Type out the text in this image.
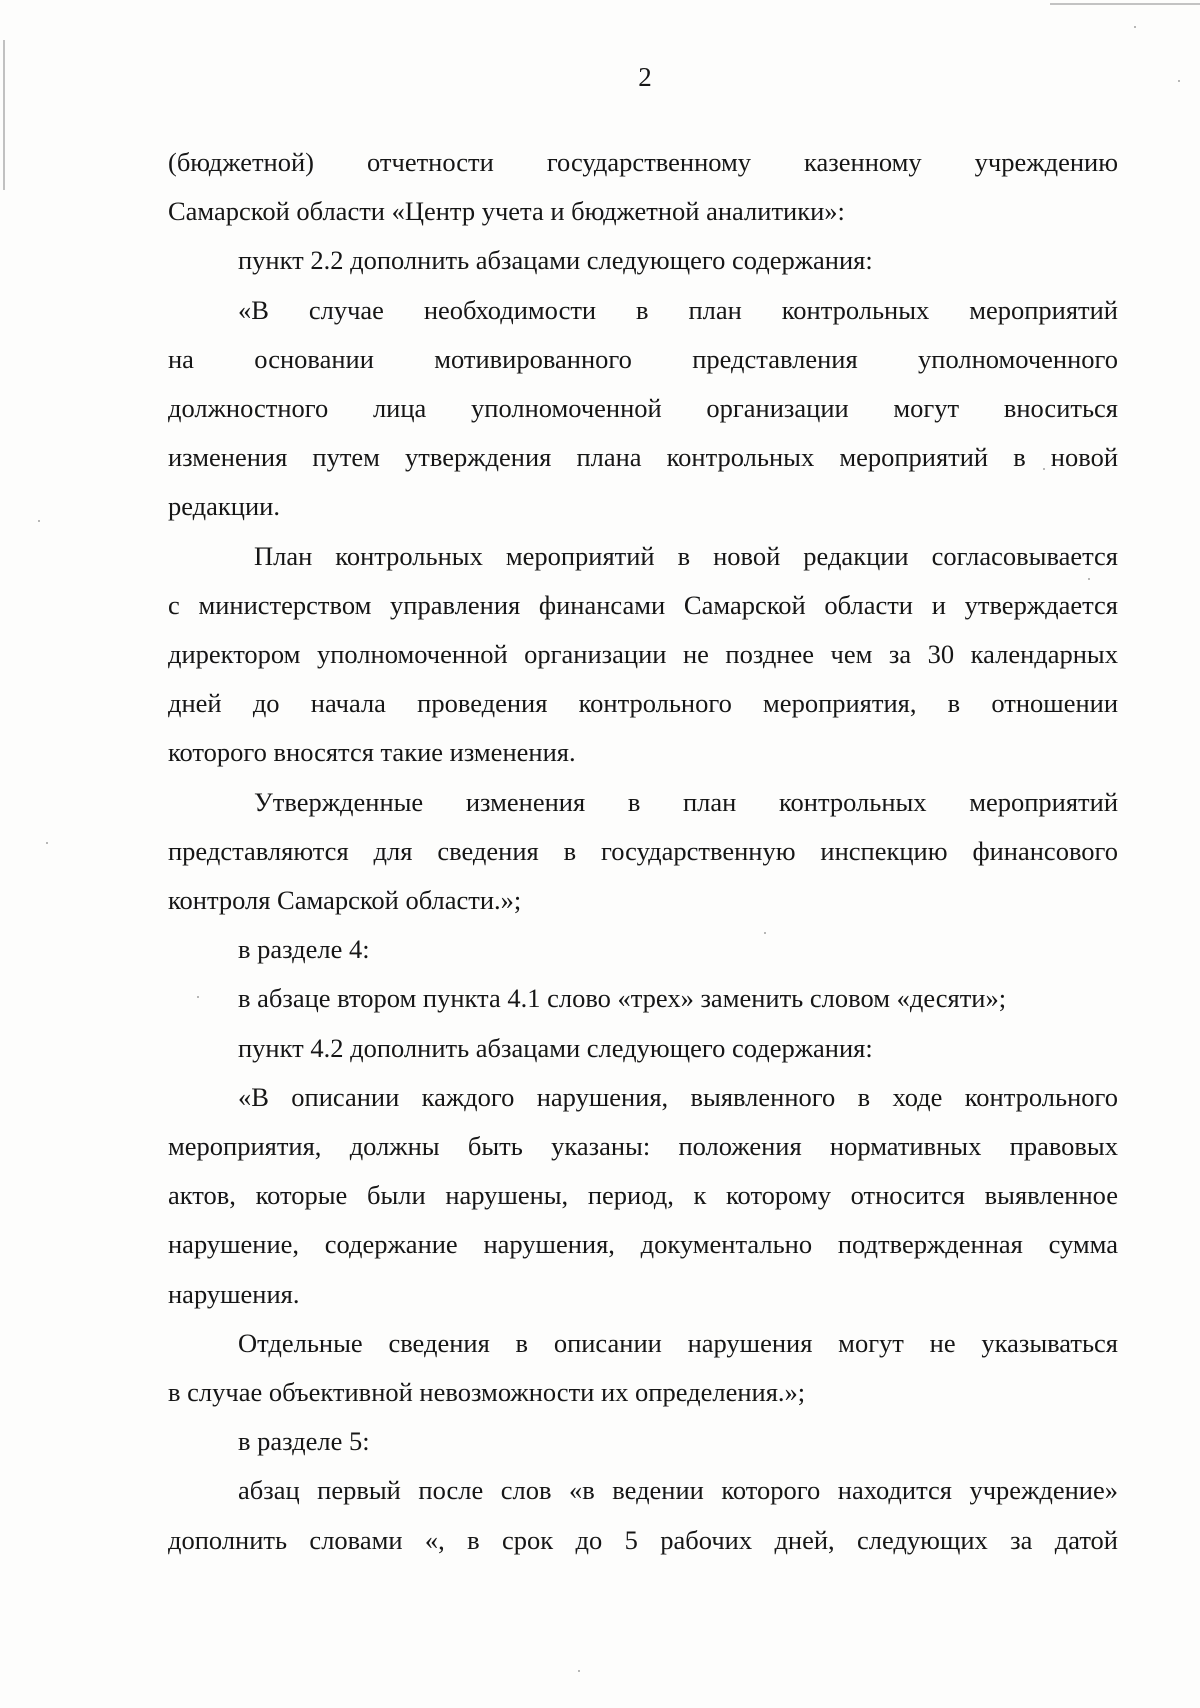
2

(бюджетной) отчетности государственному казенному учреждению

Самарской области «Центр учета и бюджетной аналитики»:

пункт 2.2 дополнить абзацами следующего содержания:

«В случае необходимости в план контрольных мероприятий

на основании мотивированного представления уполномоченного

должностного лица уполномоченной организации могут вноситься

изменения путем утверждения плана контрольных мероприятий в новой

редакции.

План контрольных мероприятий в новой редакции согласовывается

с министерством управления финансами Самарской области и утверждается

директором уполномоченной организации не позднее чем за 30 календарных

дней до начала проведения контрольного мероприятия, в отношении

которого вносятся такие изменения.

Утвержденные изменения в план контрольных мероприятий

представляются для сведения в государственную инспекцию финансового

контроля Самарской области.»;

в разделе 4:

в абзаце втором пункта 4.1 слово «трех» заменить словом «десяти»;

пункт 4.2 дополнить абзацами следующего содержания:

«В описании каждого нарушения, выявленного в ходе контрольного

мероприятия, должны быть указаны: положения нормативных правовых

актов, которые были нарушены, период, к которому относится выявленное

нарушение, содержание нарушения, документально подтвержденная сумма

нарушения.

Отдельные сведения в описании нарушения могут не указываться

в случае объективной невозможности их определения.»;

в разделе 5:

абзац первый после слов «в ведении которого находится учреждение»

дополнить словами «, в срок до 5 рабочих дней, следующих за датой
